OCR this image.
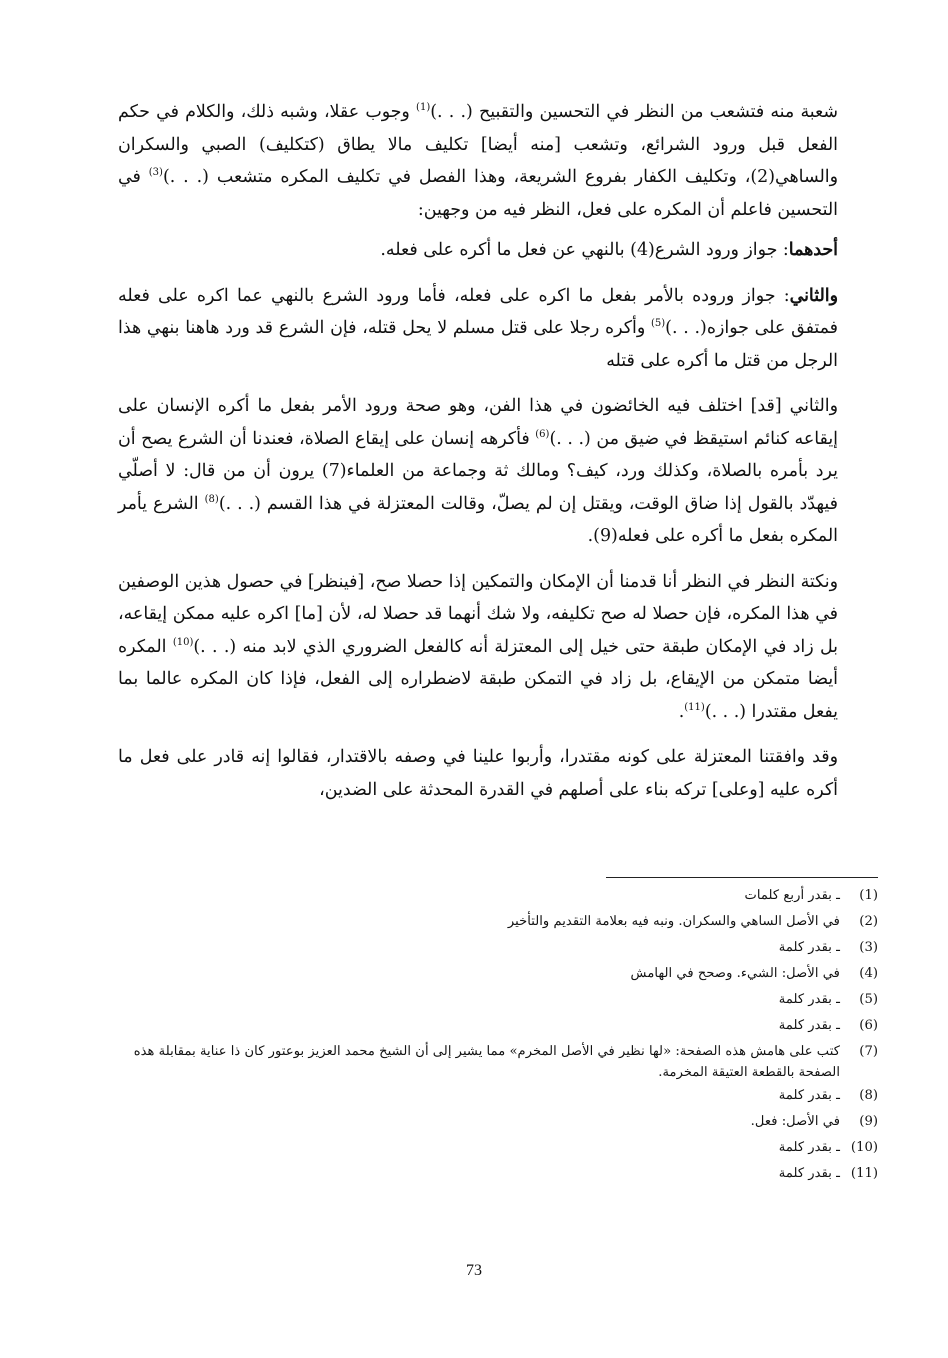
شعبة منه فتشعب من النظر في التحسين والتقبيح (. . .)$^{(1)}$ وجوب عقلا، وشبه ذلك، والكلام في حكم الفعل قبل ورود الشرائع، وتشعب [منه أيضا] تكليف مالا يطاق (كتكليف) الصبي والسكران والساهي(2)، وتكليف الكفار بفروع الشريعة، وهذا الفصل في تكليف المكره متشعب (. . .)$^{(3)}$ في التحسين فاعلم أن المكره على فعل، النظر فيه من وجهين:

أحدهما: جواز ورود الشرع(4) بالنهي عن فعل ما أكره على فعله.

والثاني: جواز وروده بالأمر بفعل ما اكره على فعله، فأما ورود الشرع بالنهي عما اكره على فعله فمتفق على جوازه(. . .)$^{(5)}$ وأكره رجلا على قتل مسلم لا يحل قتله، فإن الشرع قد ورد هاهنا بنهي هذا الرجل من قتل ما أكره على قتله

والثاني [قد] اختلف فيه الخائضون في هذا الفن، وهو صحة ورود الأمر بفعل ما أكره الإنسان على إيقاعه كنائم استيقظ في ضيق من (. . .)$^{(6)}$ فأكرهه إنسان على إيقاع الصلاة، فعندنا أن الشرع يصح أن يرد بأمره بالصلاة، وكذلك ورد، كيف؟ ومالك ثة وجماعة من العلماء(7) يرون أن من قال: لا أصلّي فيهدّد بالقول إذا ضاق الوقت، ويقتل إن لم يصلّ، وقالت المعتزلة في هذا القسم (. . .)$^{(8)}$ الشرع يأمر المكره بفعل ما أكره على فعله(9).

ونكتة النظر في النظر أنا قدمنا أن الإمكان والتمكين إذا حصلا صح، [فينظر] في حصول هذين الوصفين في هذا المكره، فإن حصلا له صح تكليفه، ولا شك أنهما قد حصلا له، لأن [ما] اكره عليه ممكن إيقاعه، بل زاد في الإمكان طبقة حتى خيل إلى المعتزلة أنه كالفعل الضروري الذي لابد منه (. . .)$^{(10)}$ المكره أيضا متمكن من الإيقاع، بل زاد في التمكن طبقة لاضطراره إلى الفعل، فإذا كان المكره عالما بما يفعل مقتدرا (. . .)$^{(11)}$.

وقد وافقتنا المعتزلة على كونه مقتدرا، وأربوا علينا في وصفه بالاقتدار، فقالوا إنه قادر على فعل ما أكره عليه [وعلى] تركه بناء على أصلهم في القدرة المحدثة على الضدين،

(1)
ـ بقدر أربع كلمات
(2)
في الأصل الساهي والسكران. ونبه فيه بعلامة التقديم والتأخير
(3)
ـ بقدر كلمة
(4)
في الأصل: الشيء. وصحح في الهامش
(5)
ـ بقدر كلمة
(6)
ـ بقدر كلمة
(7)
كتب على هامش هذه الصفحة: «لها نظير في الأصل المخرم» مما يشير إلى أن الشيخ محمد العزيز بوعتور كان ذا عناية بمقابلة هذه الصفحة بالقطعة العتيقة المخرمة.
(8)
ـ بقدر كلمة
(9)
في الأصل: فعل.
(10)
ـ بقدر كلمة
(11)
ـ بقدر كلمة
73
